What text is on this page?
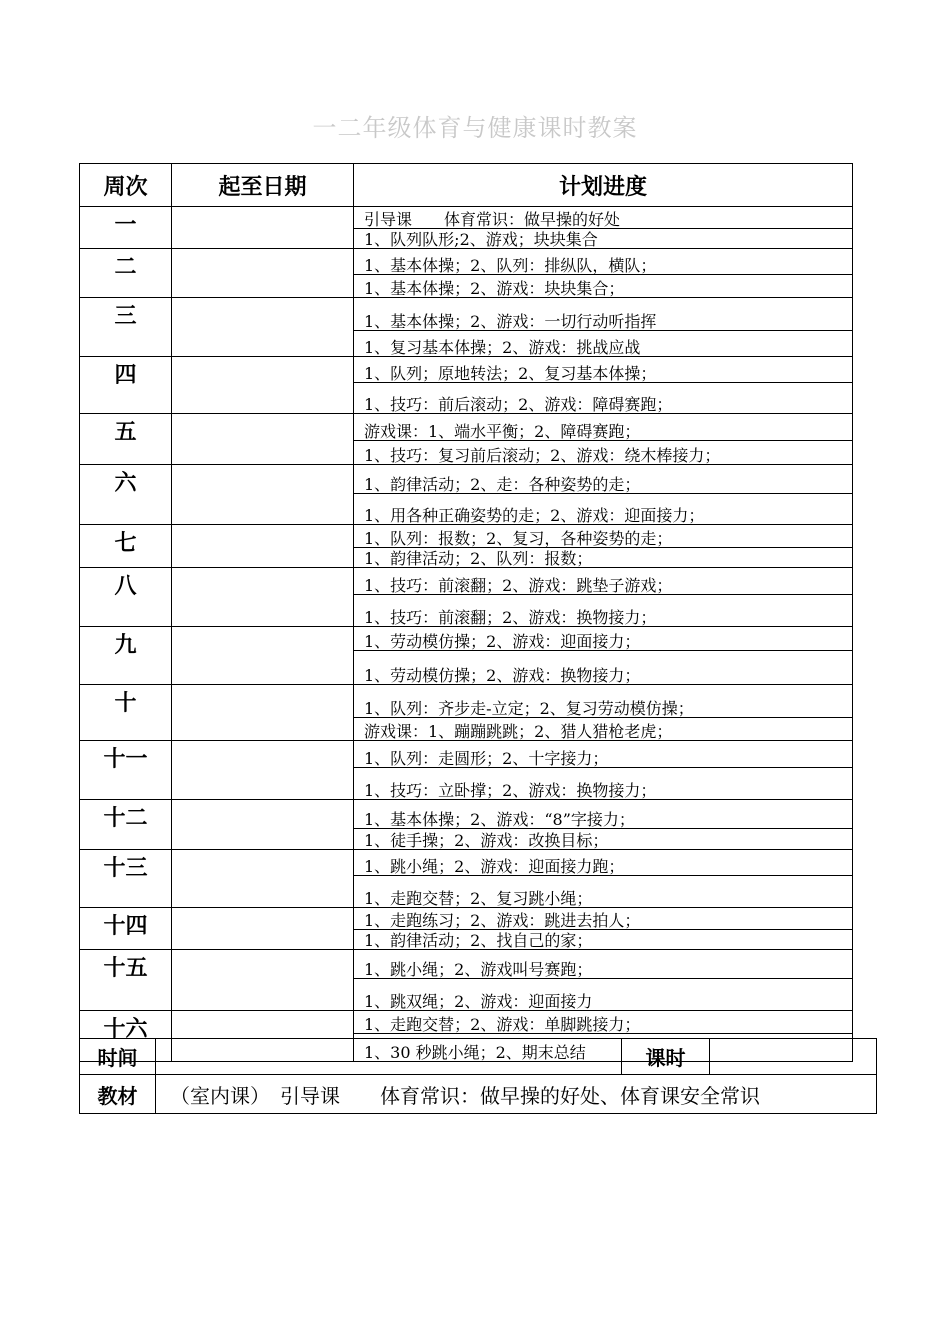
一二年级体育与健康课时教案
周次	起至日期	计划进度
一		引导课　　体育常识：做早操的好处
1、队列队形;2、游戏；块块集合

二		1、基本体操；2、队列：排纵队，横队；
1、基本体操；2、游戏：块块集合；

三		1、基本体操；2、游戏：一切行动听指挥
1、复习基本体操；2、游戏：挑战应战

四		1、队列；原地转法；2、复习基本体操；
1、技巧：前后滚动；2、游戏：障碍赛跑；

五		游戏课：1、端水平衡；2、障碍赛跑；
1、技巧：复习前后滚动；2、游戏：绕木棒接力；

六		1、韵律活动；2、走：各种姿势的走；
1、用各种正确姿势的走；2、游戏：迎面接力；

七		1、队列：报数；2、复习，各种姿势的走；
1、韵律活动；2、队列：报数；

八		1、技巧：前滚翻；2、游戏：跳垫子游戏；
1、技巧：前滚翻；2、游戏：换物接力；

九		1、劳动模仿操；2、游戏：迎面接力；
1、劳动模仿操；2、游戏：换物接力；

十		1、队列：齐步走-立定；2、复习劳动模仿操；
游戏课：1、蹦蹦跳跳；2、猎人猎枪老虎；

十一		1、队列：走圆形；2、十字接力；
1、技巧：立卧撑；2、游戏：换物接力；

十二		1、基本体操；2、游戏：“8”字接力；
1、徒手操；2、游戏：改换目标；

十三		1、跳小绳；2、游戏：迎面接力跑；
1、走跑交替；2、复习跳小绳；

十四		1、走跑练习；2、游戏：跳进去拍人；
1、韵律活动；2、找自己的家；

十五		1、跳小绳；2、游戏叫号赛跑；
1、跳双绳；2、游戏：迎面接力

十六		1、走跑交替；2、游戏：单脚跳接力；
1、30 秒跳小绳；2、期末总结
时间		课时	
教材	（室内课）　引导课　　体育常识：做早操的好处、体育课安全常识		
